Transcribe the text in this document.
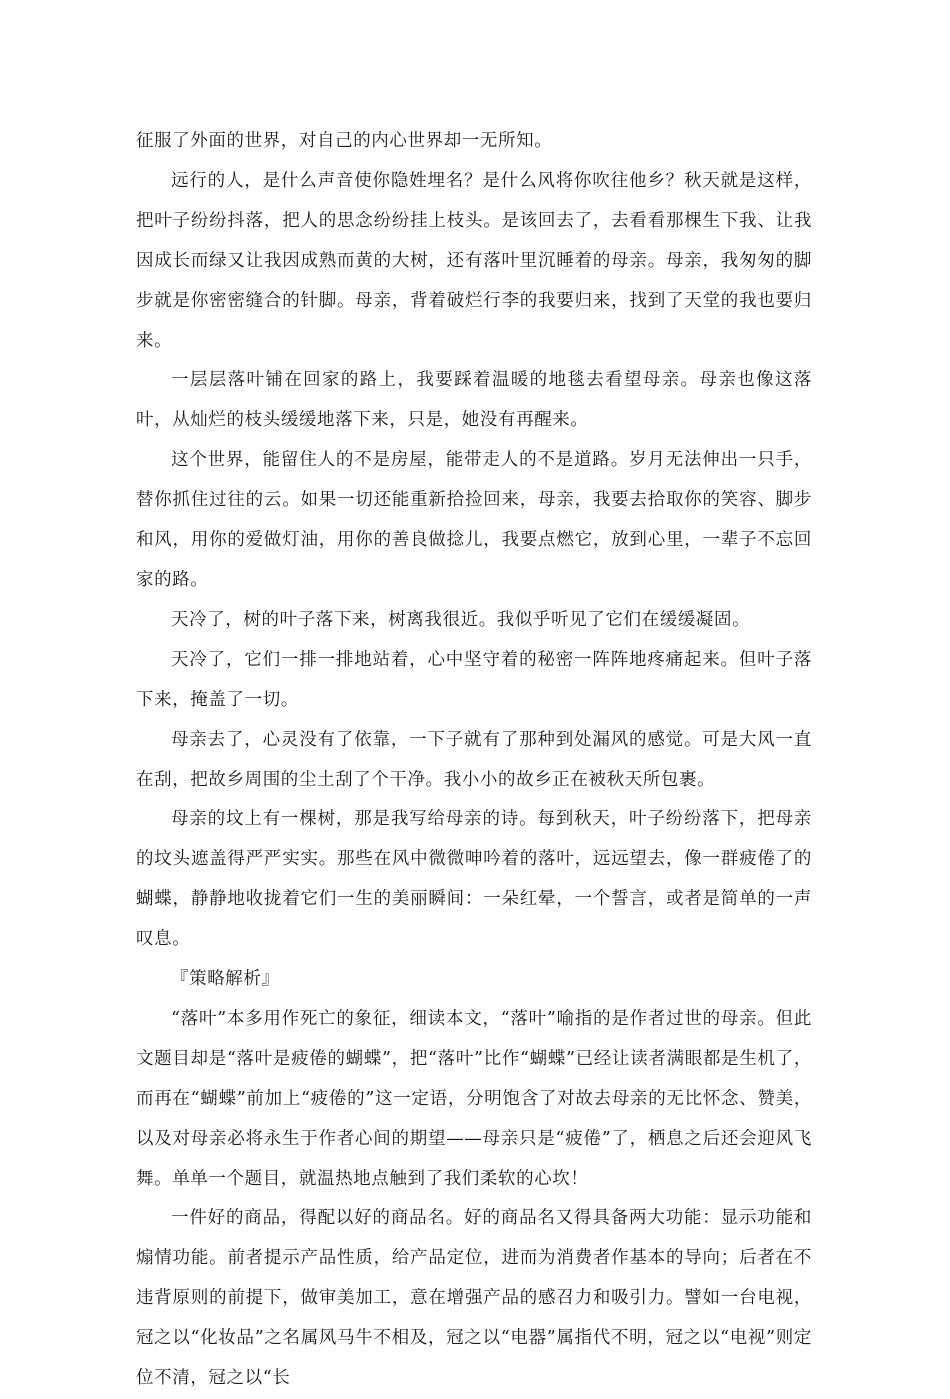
征服了外面的世界，对自己的内心世界却一无所知。

远行的人，是什么声音使你隐姓埋名？是什么风将你吹往他乡？秋天就是这样，把叶子纷纷抖落，把人的思念纷纷挂上枝头。是该回去了，去看看那棵生下我、让我因成长而绿又让我因成熟而黄的大树，还有落叶里沉睡着的母亲。母亲，我匆匆的脚步就是你密密缝合的针脚。母亲，背着破烂行李的我要归来，找到了天堂的我也要归来。

一层层落叶铺在回家的路上，我要踩着温暖的地毯去看望母亲。母亲也像这落叶，从灿烂的枝头缓缓地落下来，只是，她没有再醒来。

这个世界，能留住人的不是房屋，能带走人的不是道路。岁月无法伸出一只手，替你抓住过往的云。如果一切还能重新拾捡回来，母亲，我要去拾取你的笑容、脚步和风，用你的爱做灯油，用你的善良做捻儿，我要点燃它，放到心里，一辈子不忘回家的路。

天冷了，树的叶子落下来，树离我很近。我似乎听见了它们在缓缓凝固。

天冷了，它们一排一排地站着，心中坚守着的秘密一阵阵地疼痛起来。但叶子落下来，掩盖了一切。

母亲去了，心灵没有了依靠，一下子就有了那种到处漏风的感觉。可是大风一直在刮，把故乡周围的尘土刮了个干净。我小小的故乡正在被秋天所包裹。

母亲的坟上有一棵树，那是我写给母亲的诗。每到秋天，叶子纷纷落下，把母亲的坟头遮盖得严严实实。那些在风中微微呻吟着的落叶，远远望去，像一群疲倦了的蝴蝶，静静地收拢着它们一生的美丽瞬间：一朵红晕，一个誓言，或者是简单的一声叹息。

『策略解析』

“落叶”本多用作死亡的象征，细读本文，“落叶”喻指的是作者过世的母亲。但此文题目却是“落叶是疲倦的蝴蝶”，把“落叶”比作“蝴蝶”已经让读者满眼都是生机了，而再在“蝴蝶”前加上“疲倦的”这一定语，分明饱含了对故去母亲的无比怀念、赞美，以及对母亲必将永生于作者心间的期望——母亲只是“疲倦”了，栖息之后还会迎风飞舞。单单一个题目，就温热地点触到了我们柔软的心坎！

一件好的商品，得配以好的商品名。好的商品名又得具备两大功能：显示功能和煽情功能。前者提示产品性质，给产品定位，进而为消费者作基本的导向；后者在不违背原则的前提下，做审美加工，意在增强产品的感召力和吸引力。譬如一台电视，冠之以“化妆品”之名属风马牛不相及，冠之以“电器”属指代不明，冠之以“电视”则定位不清，冠之以“长
